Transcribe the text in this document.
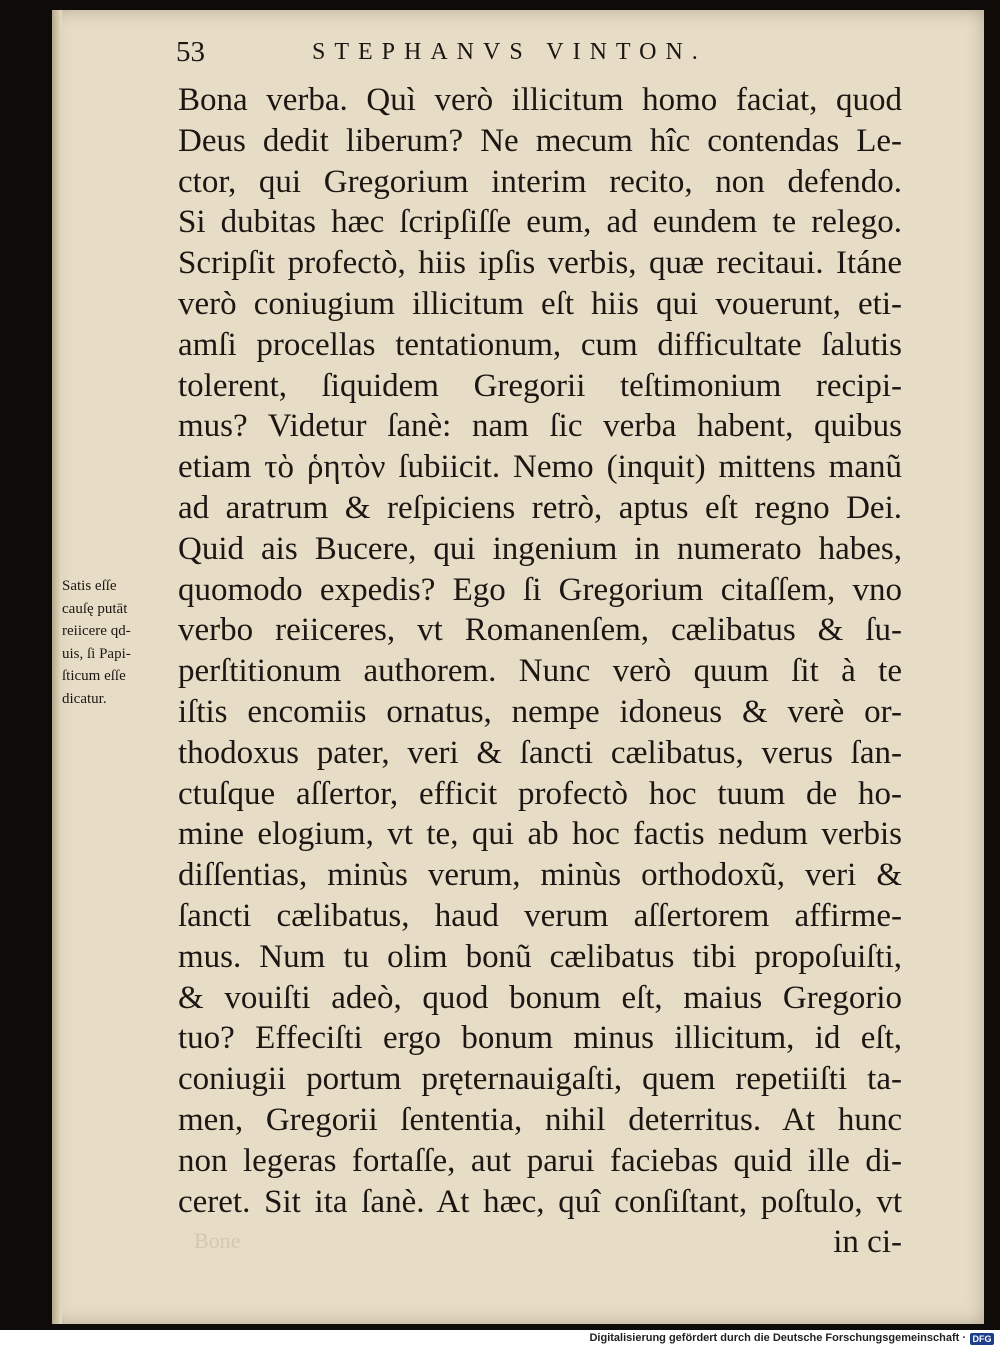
53	STEPHANVS VINTON.
Bona verba. Quì verò illicitum homo faciat, quod
Deus dedit liberum? Ne mecum hîc contendas Le-
ctor, qui Gregorium interim recito, non defendo.
Si dubitas hæc ſcripſiſſe eum, ad eundem te relego.
Scripſit profectò, hiis ipſis verbis, quæ recitaui. Itáne
verò coniugium illicitum eſt hiis qui vouerunt, eti-
amſi procellas tentationum, cum difficultate ſalutis
tolerent, ſiquidem Gregorii teſtimonium recipi-
mus? Videtur ſanè: nam ſic verba habent, quibus
etiam τὸ ῥητὸν ſubiicit. Nemo (inquit) mittens manũ
ad aratrum & reſpiciens retrò, aptus eſt regno Dei.
Quid ais Bucere, qui ingenium in numerato habes,
quomodo expedis? Ego ſi Gregorium citaſſem, vno
verbo reiiceres, vt Romanenſem, cælibatus & ſu-
perſtitionum authorem. Nunc verò quum ſit à te
iſtis encomiis ornatus, nempe idoneus & verè or-
thodoxus pater, veri & ſancti cælibatus, verus ſan-
ctuſque aſſertor, efficit profectò hoc tuum de ho-
mine elogium, vt te, qui ab hoc factis nedum verbis
diſſentias, minùs verum, minùs orthodoxũ, veri &
ſancti cælibatus, haud verum aſſertorem affirme-
mus. Num tu olim bonũ cælibatus tibi propoſuiſti,
& vouiſti adeò, quod bonum eſt, maius Gregorio
tuo? Effeciſti ergo bonum minus illicitum, id eſt,
coniugii portum pręternauigaſti, quem repetiiſti ta-
men, Gregorii ſententia, nihil deterritus. At hunc
non legeras fortaſſe, aut parui faciebas quid ille di-
ceret. Sit ita ſanè. At hæc, quî conſiſtant, poſtulo, vt
in ci-
Satis eſſe
cauſę putāt
reiicere qd-
uis, ſi Papi-
ſticum eſſe
dicatur.
Bone
Digitalisierung gefördert durch die Deutsche Forschungsgemeinschaft · DFG
